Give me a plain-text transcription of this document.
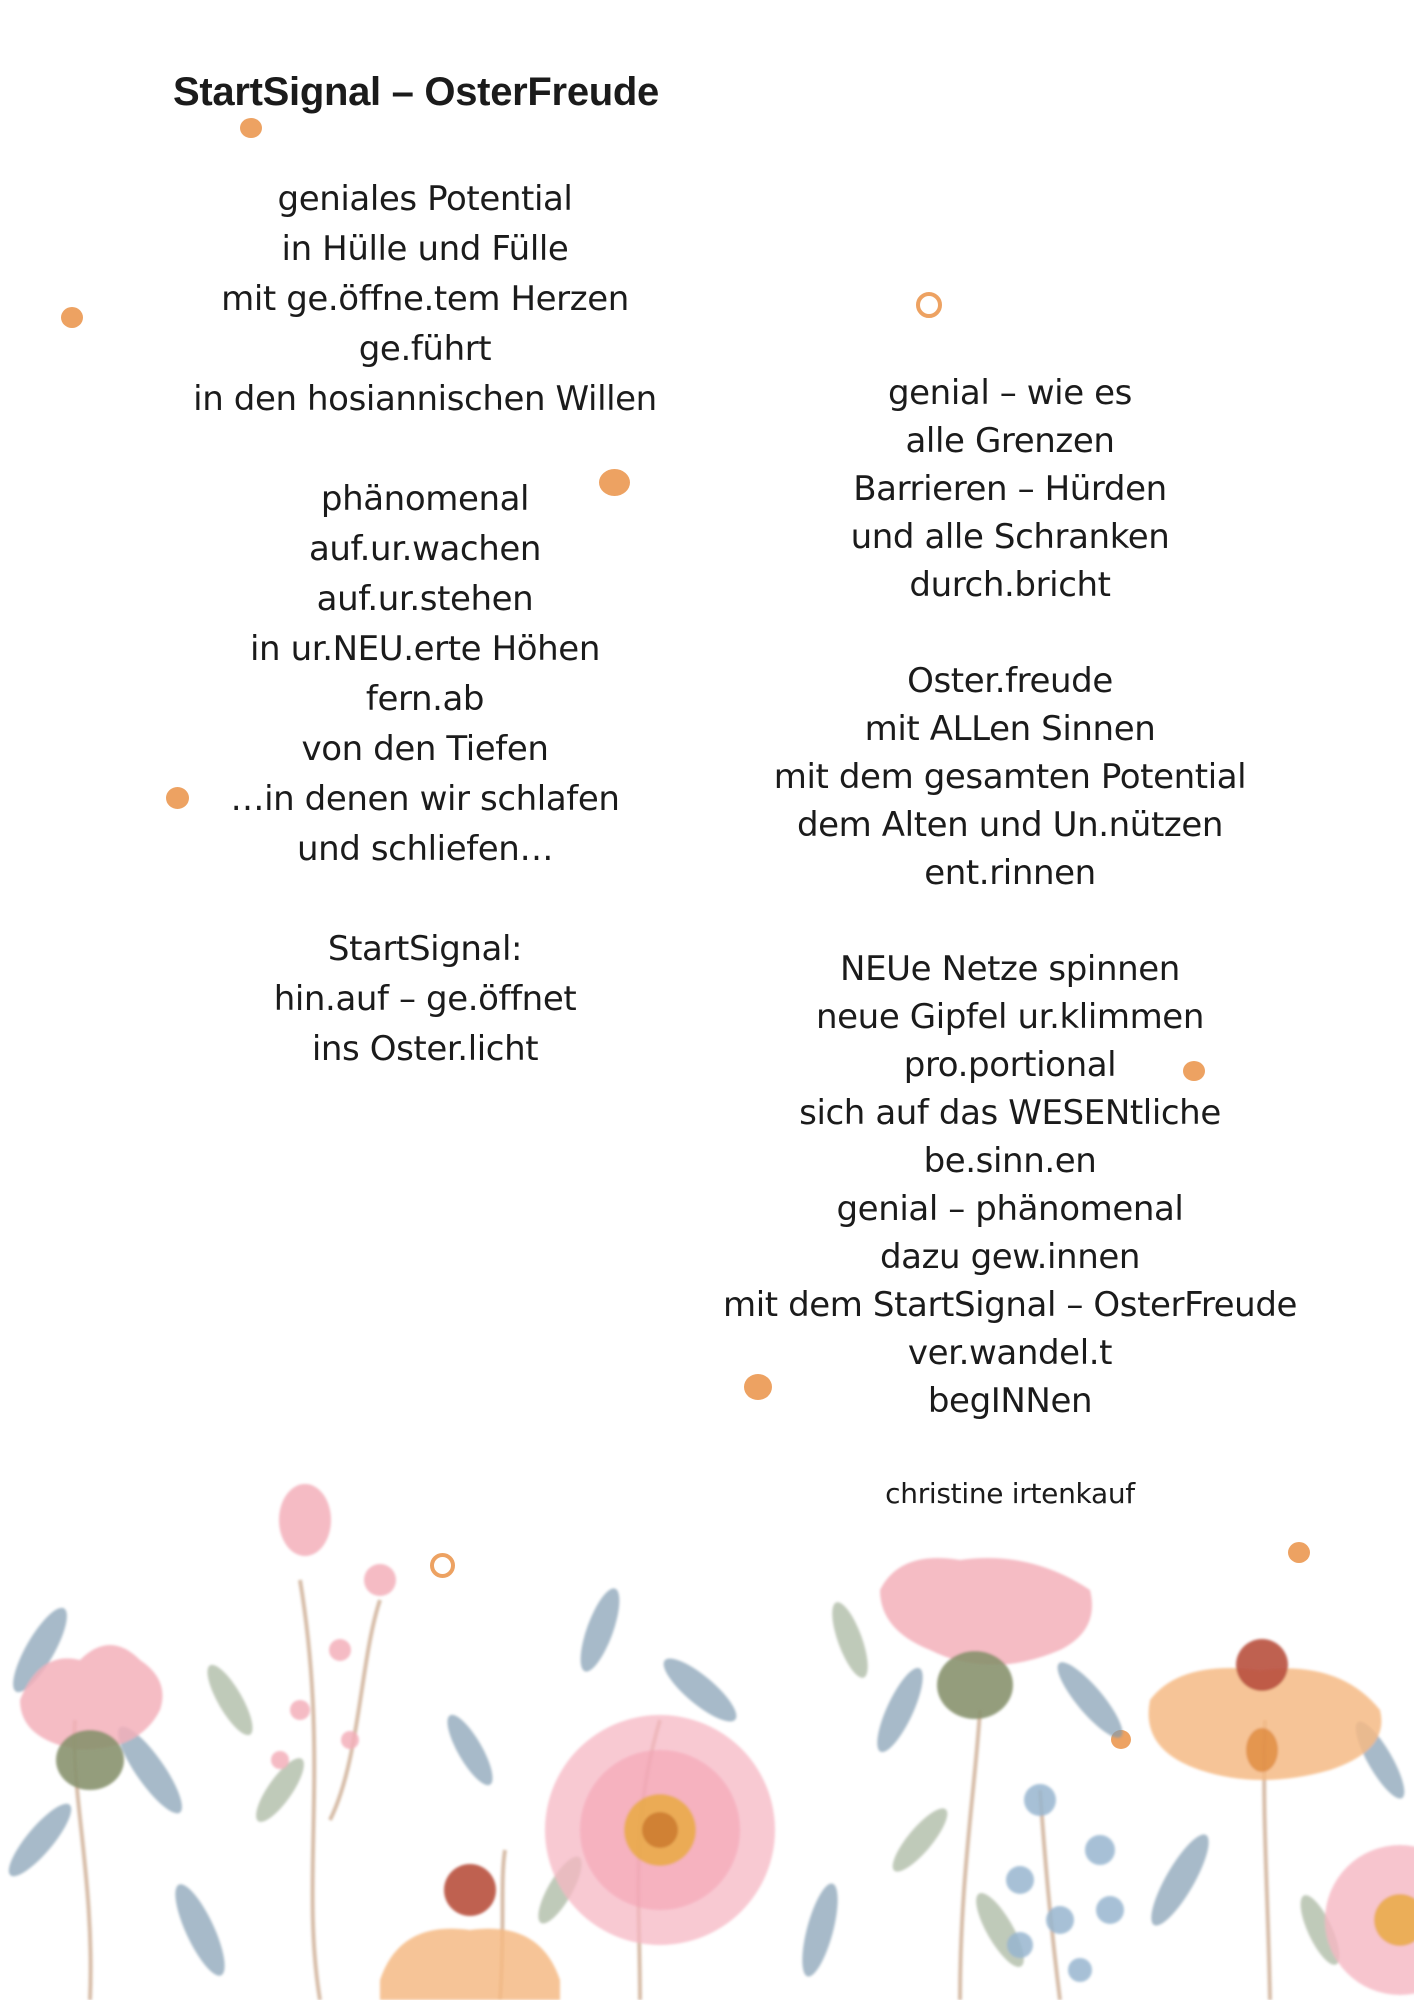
StartSignal – OsterFreude

geniales Potential
in Hülle und Fülle
mit ge.öffne.tem Herzen
ge.führt
in den hosiannischen Willen

phänomenal
auf.ur.wachen
auf.ur.stehen
in ur.NEU.erte Höhen
fern.ab
von den Tiefen
…in denen wir schlafen
und schliefen…

StartSignal:
hin.auf – ge.öffnet
ins Oster.licht

genial – wie es
alle Grenzen
Barrieren – Hürden
und alle Schranken
durch.bricht

Oster.freude
mit ALLen Sinnen
mit dem gesamten Potential
dem Alten und Un.nützen
ent.rinnen

NEUe Netze spinnen
neue Gipfel ur.klimmen
pro.portional
sich auf das WESENtliche
be.sinn.en
genial – phänomenal
dazu gew.innen
mit dem StartSignal – OsterFreude
ver.wandel.t
begINNen

christine irtenkauf
